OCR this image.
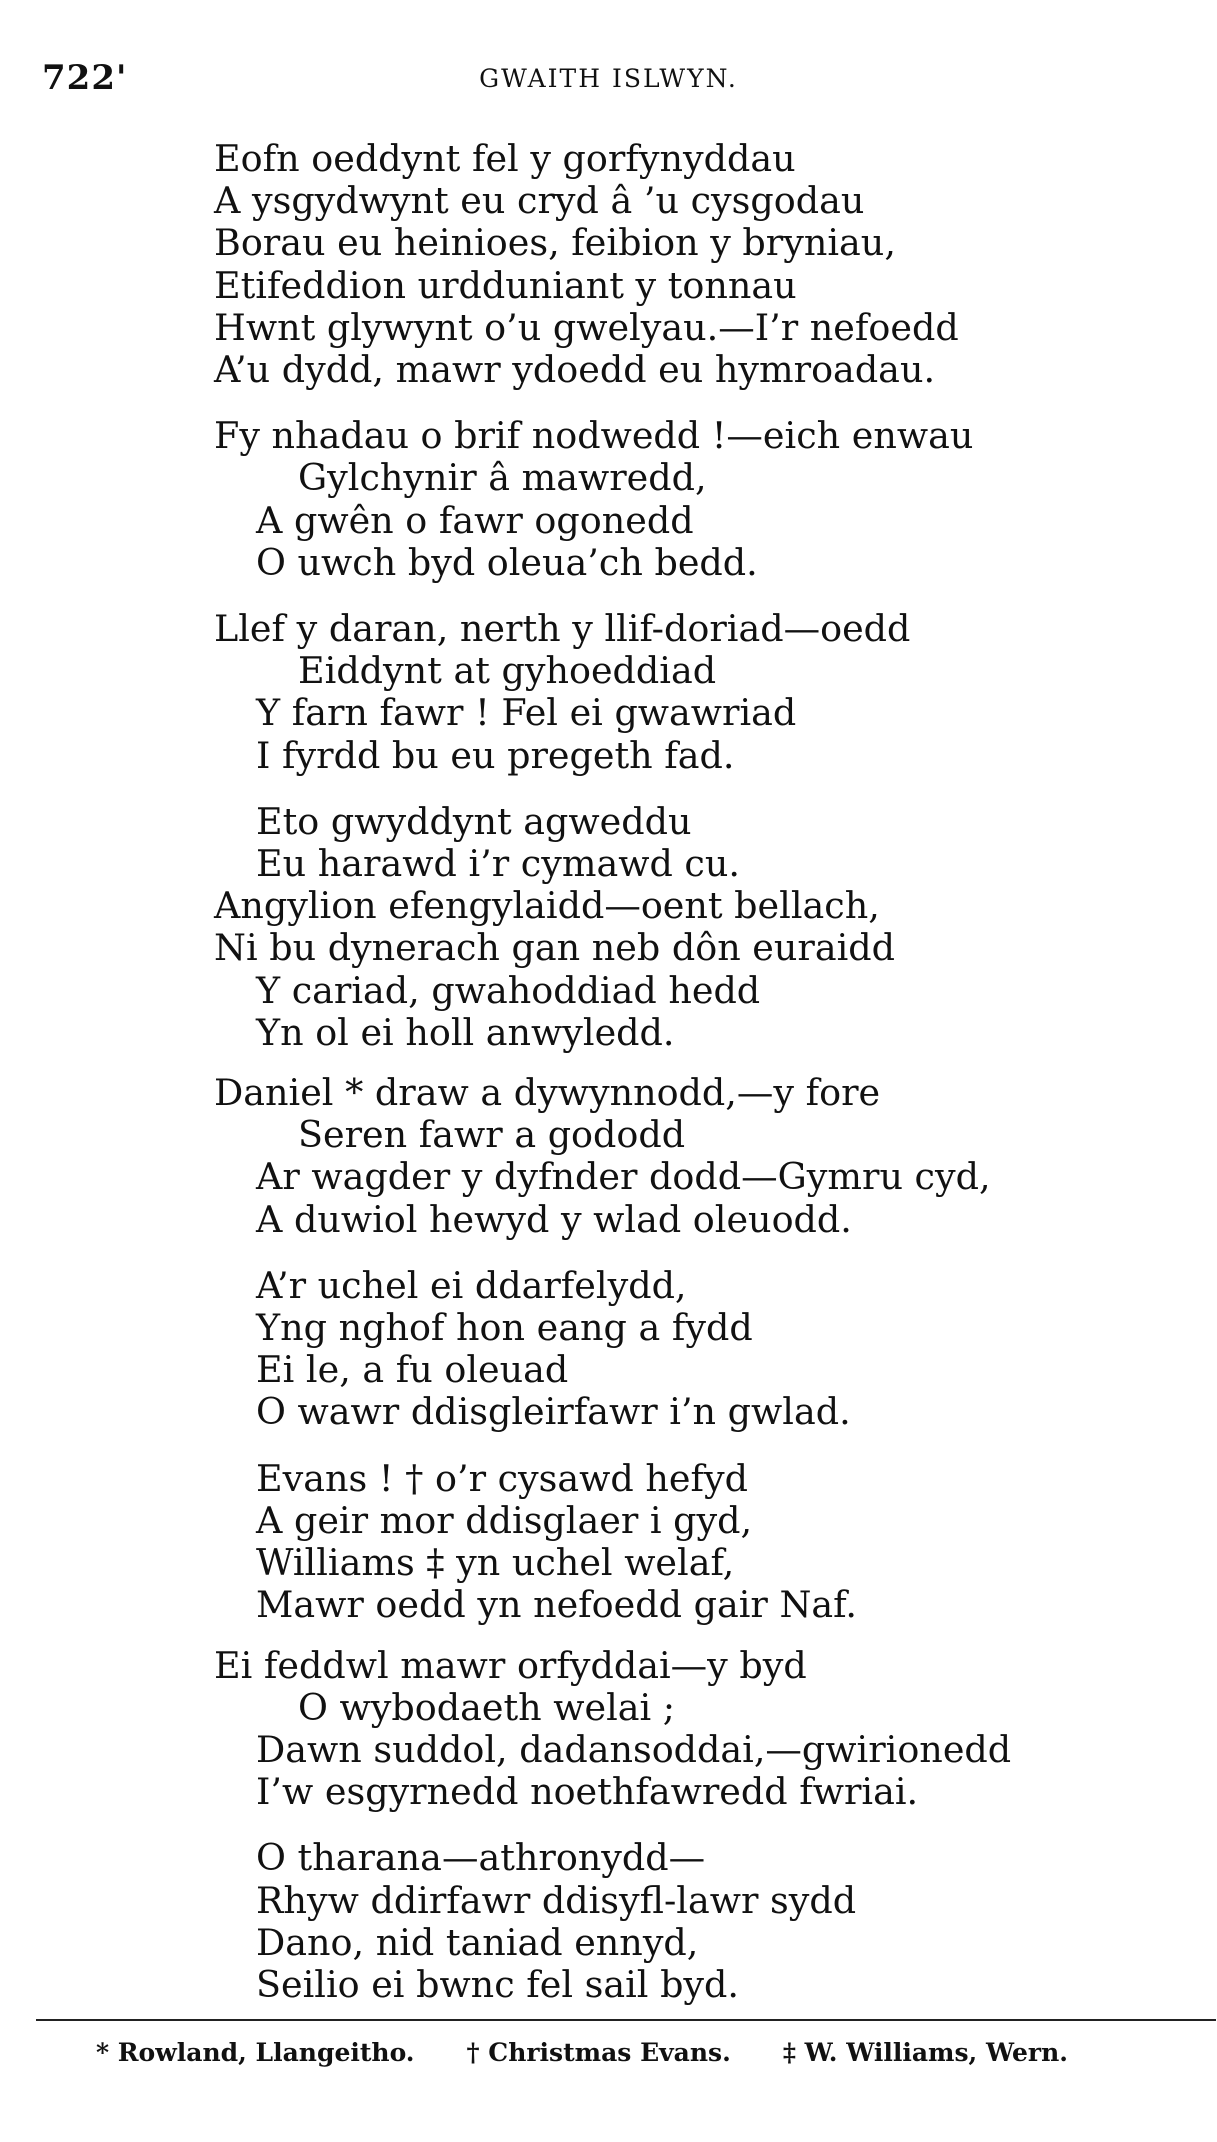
722'	GWAITH ISLWYN.
Eofn oeddynt fel y gorfynyddau
A ysgydwynt eu cryd â ’u cysgodau
Borau eu heinioes, feibion y bryniau,
Etifeddion urdduniant y tonnau
Hwnt glywynt o’u gwelyau.—I’r nefoedd
A’u dydd, mawr ydoedd eu hymroadau.
Fy nhadau o brif nodwedd !—eich enwau
Gylchynir â mawredd,
A gwên o fawr ogonedd
O uwch byd oleua’ch bedd.
Llef y daran, nerth y llif-doriad—oedd
Eiddynt at gyhoeddiad
Y farn fawr ! Fel ei gwawriad
I fyrdd bu eu pregeth fad.
Eto gwyddynt agweddu
Eu harawd i’r cymawd cu.
Angylion efengylaidd—oent bellach,
Ni bu dynerach gan neb dôn euraidd
Y cariad, gwahoddiad hedd
Yn ol ei holl anwyledd.
Daniel * draw a dywynnodd,—y fore
Seren fawr a gododd
Ar wagder y dyfnder dodd—Gymru cyd,
A duwiol hewyd y wlad oleuodd.
A’r uchel ei ddarfelydd,
Yng nghof hon eang a fydd
Ei le, a fu oleuad
O wawr ddisgleirfawr i’n gwlad.
Evans ! † o’r cysawd hefyd
A geir mor ddisglaer i gyd,
Williams ‡ yn uchel welaf,
Mawr oedd yn nefoedd gair Naf.
Ei feddwl mawr orfyddai—y byd
O wybodaeth welai ;
Dawn suddol, dadansoddai,—gwirionedd
I’w esgyrnedd noethfawredd fwriai.
O tharana—athronydd—
Rhyw ddirfawr ddisyfl-lawr sydd
Dano, nid taniad ennyd,
Seilio ei bwnc fel sail byd.
* Rowland, Llangeitho. † Christmas Evans. ‡ W. Williams, Wern.
